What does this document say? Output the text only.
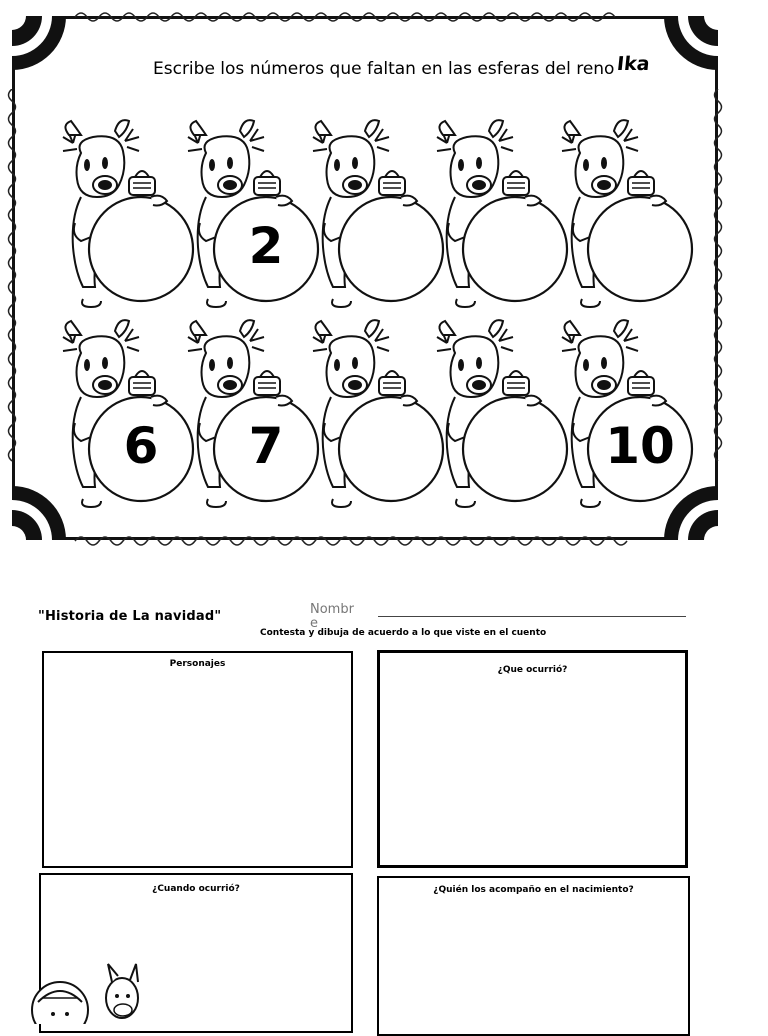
Escribe los números que faltan en las esferas del reno Ika
2
6	7	10
"Historia de La navidad"	Nombr e
Contesta y dibuja de acuerdo a lo que viste en el cuento
Personajes
¿Que ocurrió?
¿Cuando ocurrió?	¿Quién los acompaño en el nacimiento?
